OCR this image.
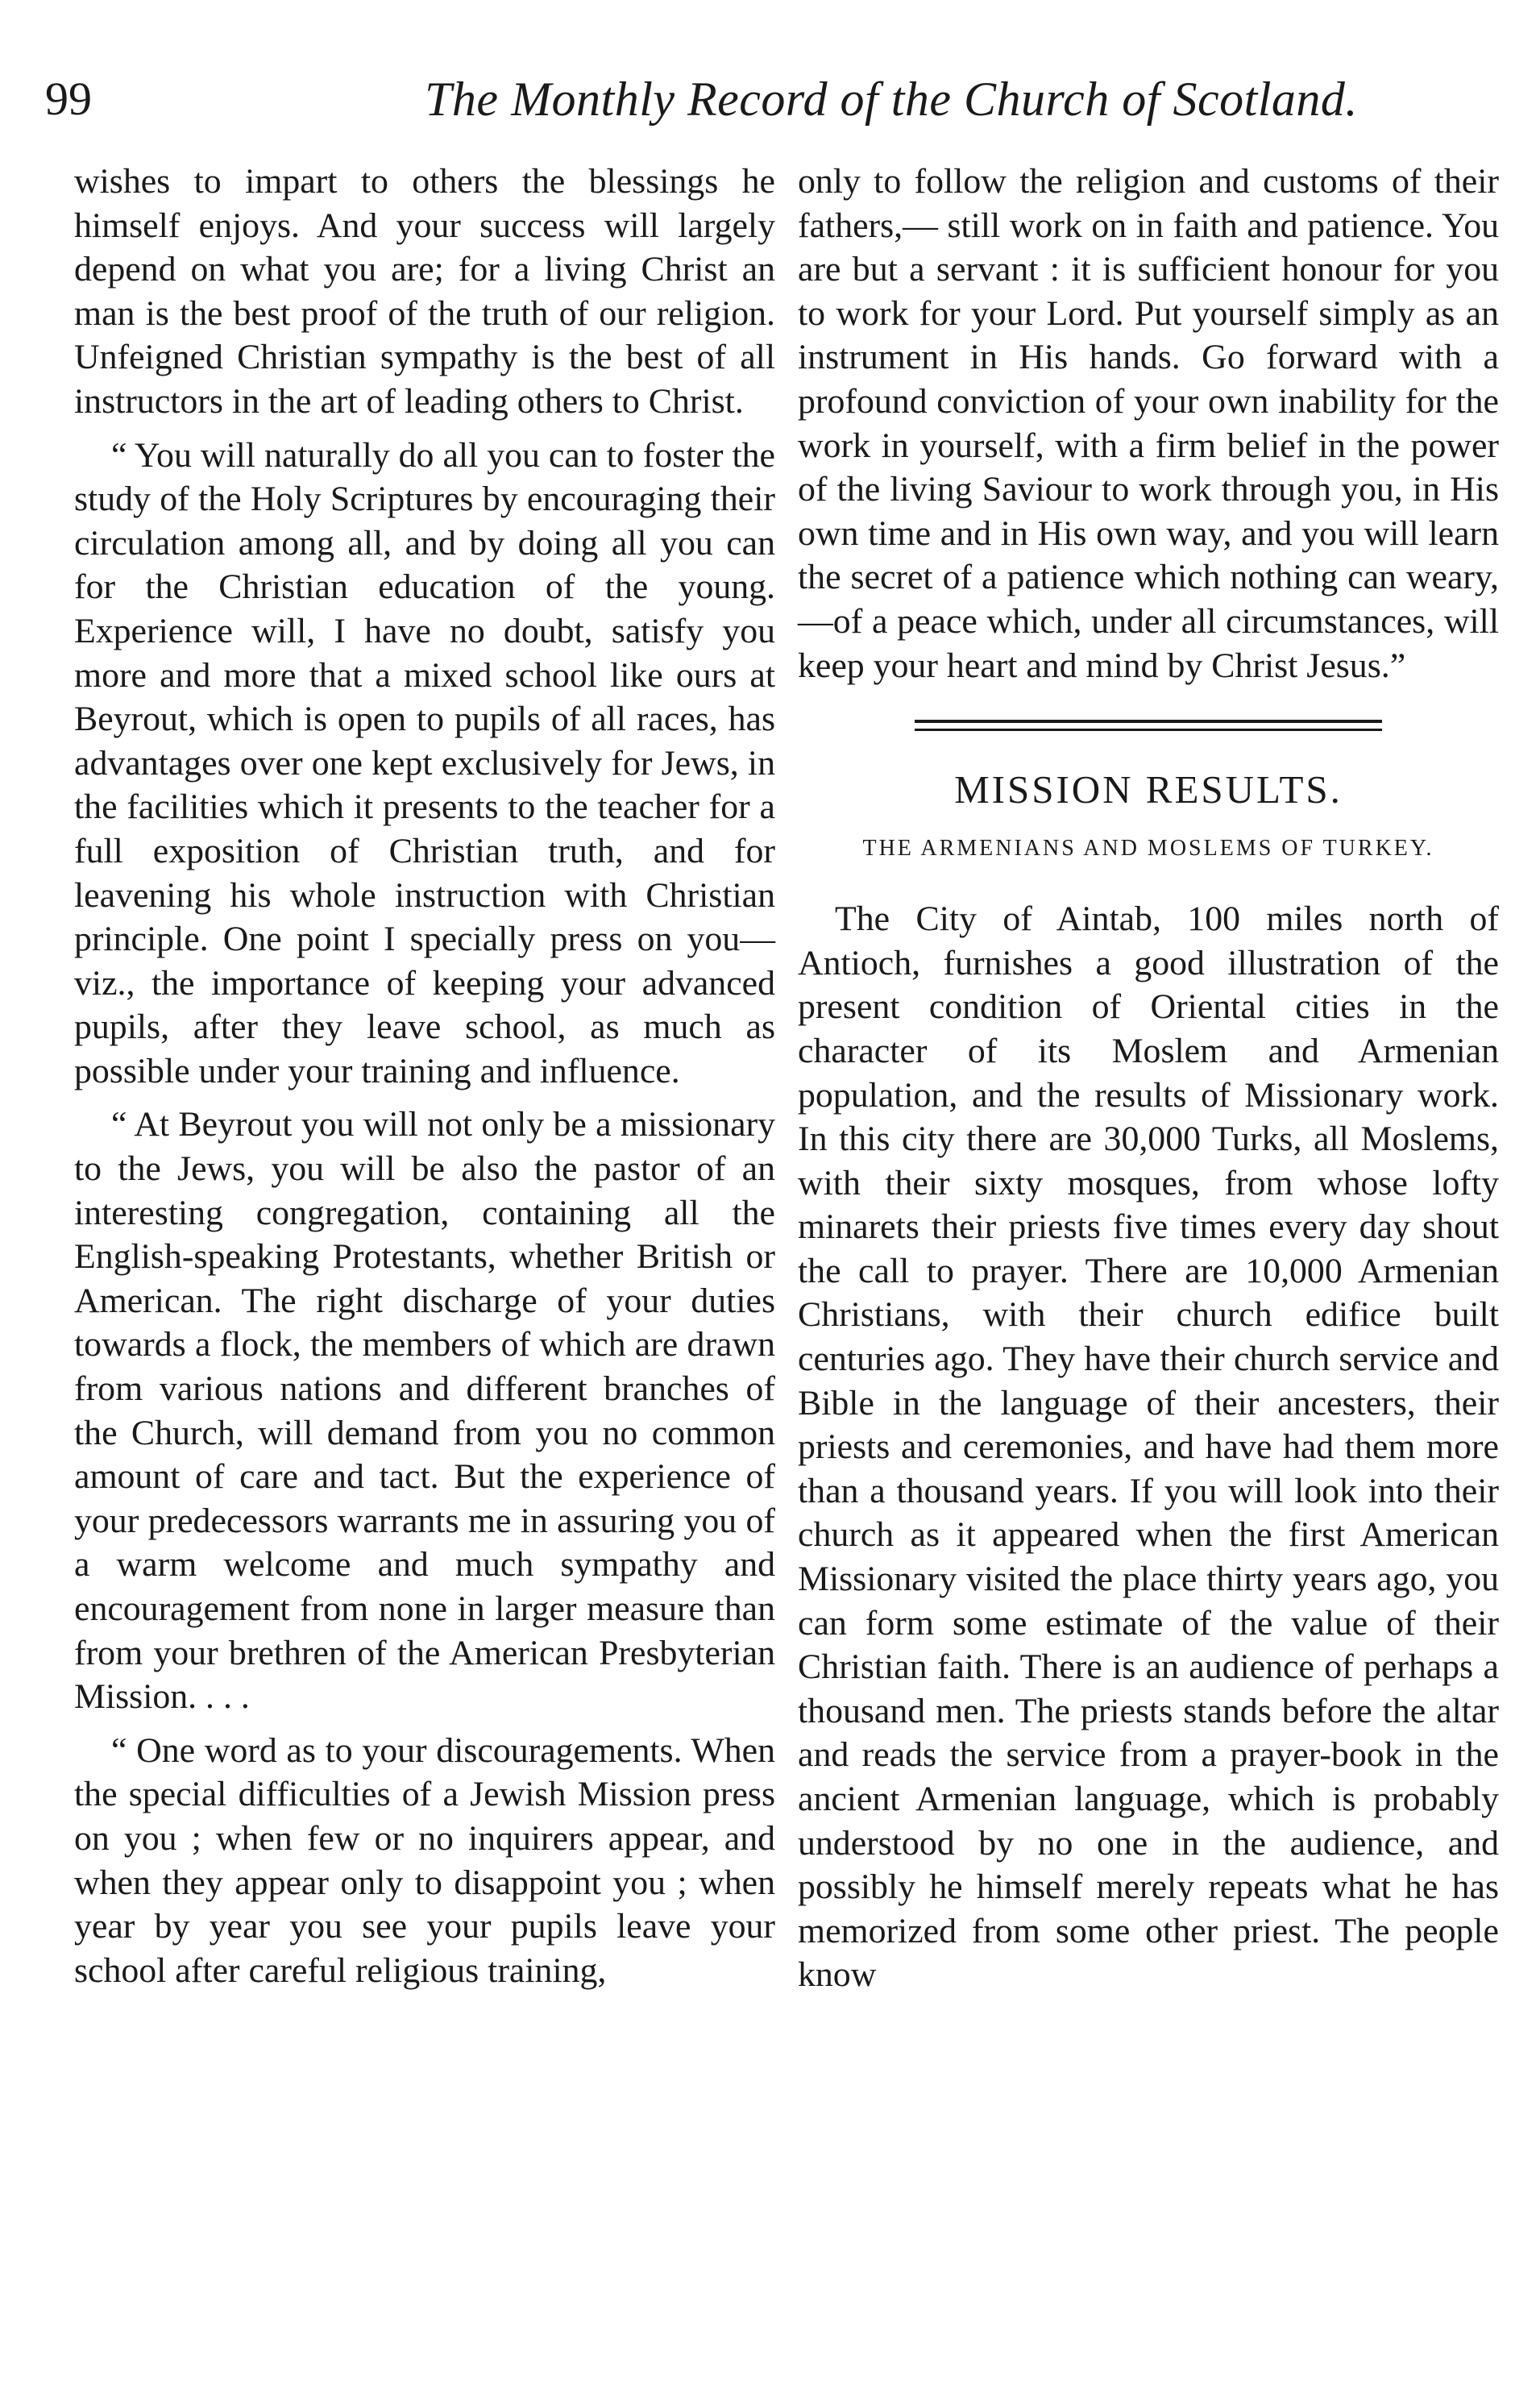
99	The Monthly Record of the Church of Scotland.

wishes to impart to others the blessings he himself enjoys. And your success will largely depend on what you are; for a living Christ an man is the best proof of the truth of our religion. Unfeigned Christian sympathy is the best of all instructors in the art of leading others to Christ.

“ You will naturally do all you can to foster the study of the Holy Scriptures by encouraging their circulation among all, and by doing all you can for the Christian education of the young. Experience will, I have no doubt, satisfy you more and more that a mixed school like ours at Beyrout, which is open to pupils of all races, has advantages over one kept exclusively for Jews, in the facilities which it presents to the teacher for a full exposition of Christian truth, and for leavening his whole instruction with Christian principle. One point I specially press on you—viz., the importance of keeping your advanced pupils, after they leave school, as much as possible under your training and influence.

“ At Beyrout you will not only be a missionary to the Jews, you will be also the pastor of an interesting congregation, containing all the English-speaking Protestants, whether British or American. The right discharge of your duties towards a flock, the members of which are drawn from various nations and different branches of the Church, will demand from you no common amount of care and tact. But the experience of your predecessors warrants me in assuring you of a warm welcome and much sympathy and encouragement from none in larger measure than from your brethren of the American Presbyterian Mission. . . .

“ One word as to your discouragements. When the special difficulties of a Jewish Mission press on you ; when few or no inquirers appear, and when they appear only to disappoint you ; when year by year you see your pupils leave your school after careful religious training,

only to follow the religion and customs of their fathers,— still work on in faith and patience. You are but a servant : it is sufficient honour for you to work for your Lord. Put yourself simply as an instrument in His hands. Go forward with a profound conviction of your own inability for the work in yourself, with a firm belief in the power of the living Saviour to work through you, in His own time and in His own way, and you will learn the secret of a patience which nothing can weary,—of a peace which, under all circumstances, will keep your heart and mind by Christ Jesus.”

MISSION RESULTS.
THE ARMENIANS AND MOSLEMS OF TURKEY.

The City of Aintab, 100 miles north of Antioch, furnishes a good illustration of the present condition of Oriental cities in the character of its Moslem and Armenian population, and the results of Missionary work. In this city there are 30,000 Turks, all Moslems, with their sixty mosques, from whose lofty minarets their priests five times every day shout the call to prayer. There are 10,000 Armenian Christians, with their church edifice built centuries ago. They have their church service and Bible in the language of their ancesters, their priests and ceremonies, and have had them more than a thousand years. If you will look into their church as it appeared when the first American Missionary visited the place thirty years ago, you can form some estimate of the value of their Christian faith. There is an audience of perhaps a thousand men. The priests stands before the altar and reads the service from a prayer-book in the ancient Armenian language, which is probably understood by no one in the audience, and possibly he himself merely repeats what he has memorized from some other priest. The people know
